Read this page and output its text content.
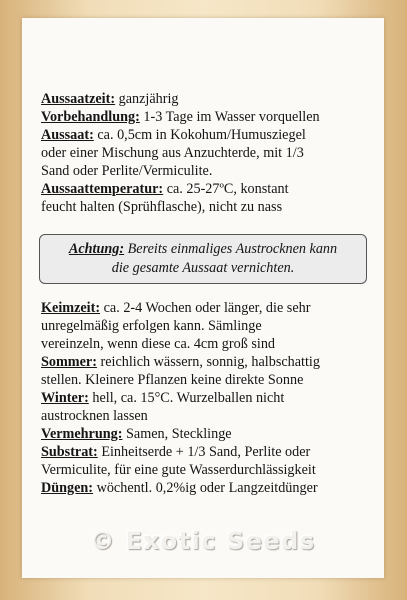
Aussaatzeit: ganzjährig
Vorbehandlung: 1-3 Tage im Wasser vorquellen
Aussaat: ca. 0,5cm in Kokohum/Humusziegel
oder einer Mischung aus Anzuchterde, mit 1/3
Sand oder Perlite/Vermiculite.
Aussaattemperatur: ca. 25-27ºC, konstant
feucht halten (Sprühflasche), nicht zu nass
Achtung: Bereits einmaliges Austrocknen kann
die gesamte Aussaat vernichten.
Keimzeit: ca. 2-4 Wochen oder länger, die sehr
unregelmäßig erfolgen kann. Sämlinge
vereinzeln, wenn diese ca. 4cm groß sind
Sommer: reichlich wässern, sonnig, halbschattig
stellen. Kleinere Pflanzen keine direkte Sonne
Winter: hell, ca. 15°C. Wurzelballen nicht
austrocknen lassen
Vermehrung: Samen, Stecklinge
Substrat: Einheitserde + 1/3 Sand, Perlite oder
Vermiculite, für eine gute Wasserdurchlässigkeit
Düngen: wöchentl. 0,2%ig oder Langzeitdünger
© Exotic Seeds
